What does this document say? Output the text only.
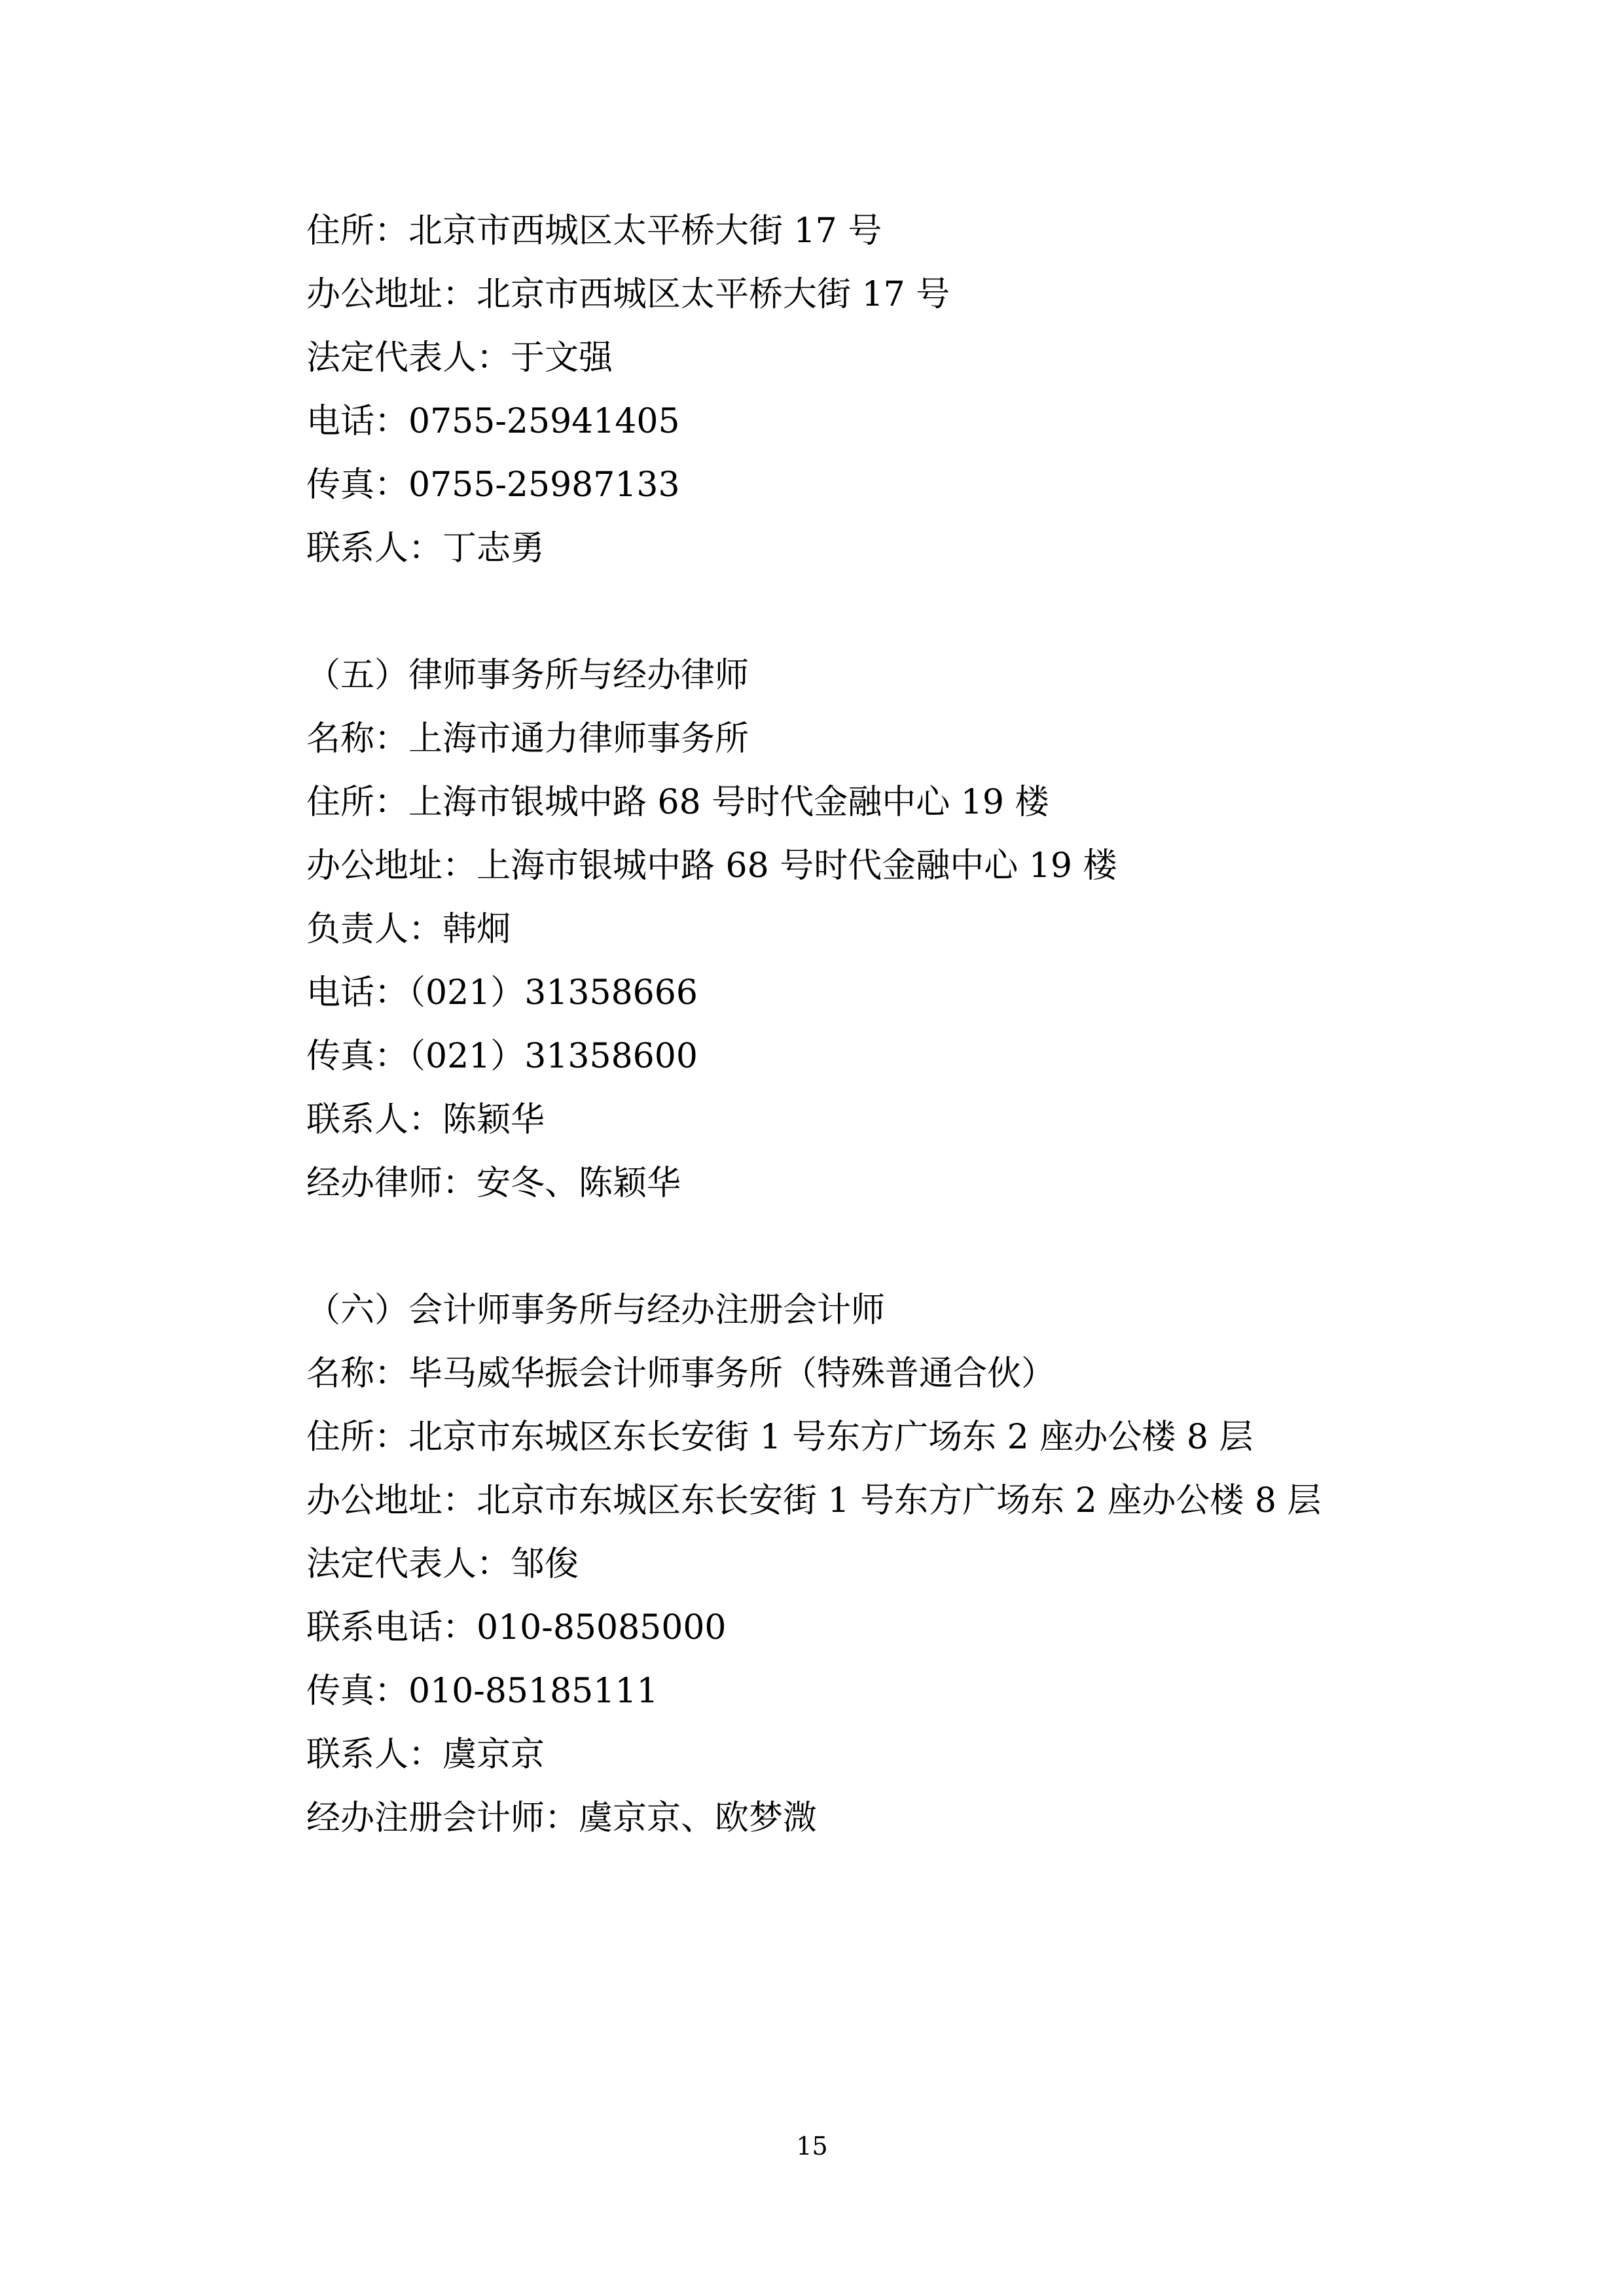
住所：北京市西城区太平桥大街 17 号

办公地址：北京市西城区太平桥大街 17 号

法定代表人：于文强

电话：0755-25941405

传真：0755-25987133

联系人：丁志勇

（五）律师事务所与经办律师

名称：上海市通力律师事务所

住所：上海市银城中路 68 号时代金融中心 19 楼

办公地址：上海市银城中路 68 号时代金融中心 19 楼

负责人：韩炯

电话：（021）31358666

传真：（021）31358600

联系人：陈颖华

经办律师：安冬、陈颖华

（六）会计师事务所与经办注册会计师

名称：毕马威华振会计师事务所（特殊普通合伙）

住所：北京市东城区东长安街 1 号东方广场东 2 座办公楼 8 层

办公地址：北京市东城区东长安街 1 号东方广场东 2 座办公楼 8 层

法定代表人：邹俊

联系电话：010-85085000

传真：010-85185111

联系人：虞京京

经办注册会计师：虞京京、欧梦溦

15
